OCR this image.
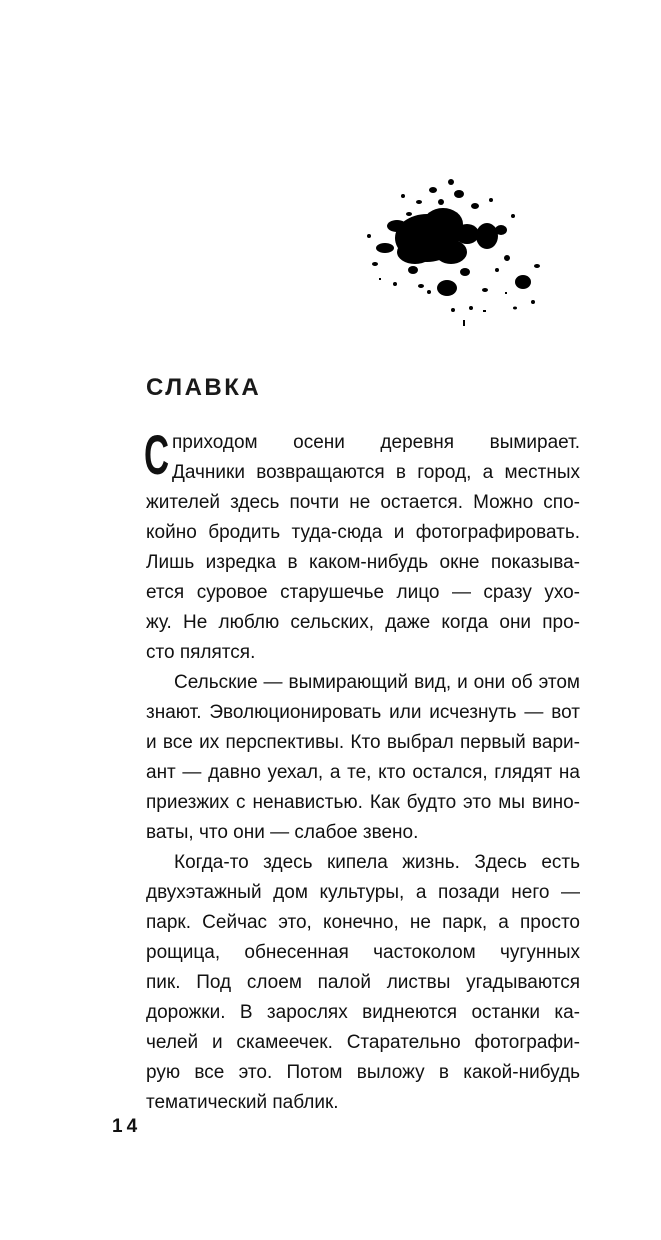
СЛАВКА
С приходом осени деревня вымирает.
Дачники возвращаются в город, а местных
жителей здесь почти не остается. Можно спо-
койно бродить туда-сюда и фотографировать.
Лишь изредка в каком-нибудь окне показыва-
ется суровое старушечье лицо — сразу ухо-
жу. Не люблю сельских, даже когда они про-
сто пялятся.
Сельские — вымирающий вид, и они об этом
знают. Эволюционировать или исчезнуть — вот
и все их перспективы. Кто выбрал первый вари-
ант — давно уехал, а те, кто остался, глядят на
приезжих с ненавистью. Как будто это мы вино-
ваты, что они — слабое звено.
Когда-то здесь кипела жизнь. Здесь есть
двухэтажный дом культуры, а позади него —
парк. Сейчас это, конечно, не парк, а просто
рощица, обнесенная частоколом чугунных
пик. Под слоем палой листвы угадываются
дорожки. В зарослях виднеются останки ка-
челей и скамеечек. Старательно фотографи-
рую все это. Потом выложу в какой-нибудь
тематический паблик.
14
